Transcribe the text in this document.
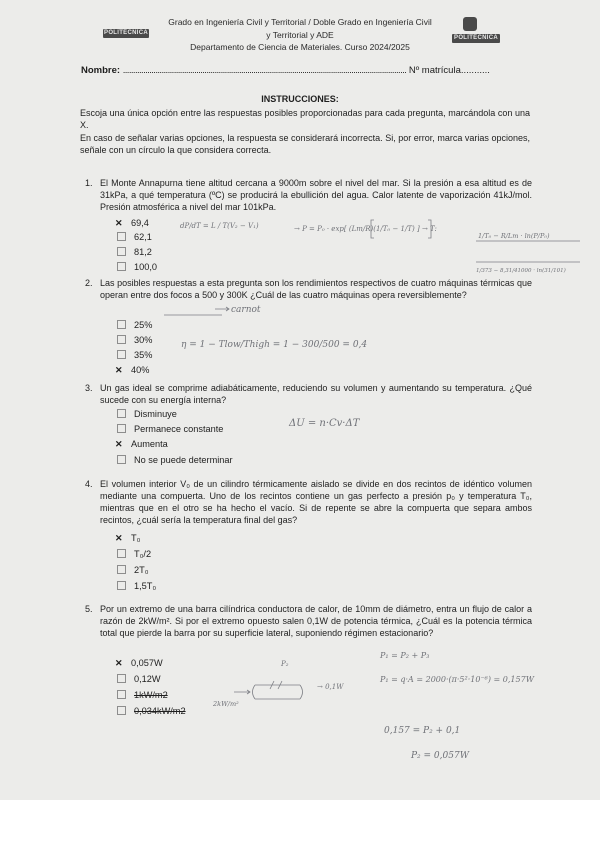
POLITÉCNICA
POLITÉCNICA
Grado en Ingeniería Civil y Territorial / Doble Grado en Ingeniería Civil
y Territorial y ADE
Departamento de Ciencia de Materiales. Curso 2024/2025
Nombre: ........................................................................................................................................... Nº matrícula...........
INSTRUCCIONES:
Escoja una única opción entre las respuestas posibles proporcionadas para cada pregunta, marcándola con una X.
En caso de señalar varias opciones, la respuesta se considerará incorrecta. Si, por error, marca varias opciones, señale con un círculo la que considera correcta.
1. El Monte Annapurna tiene altitud cercana a 9000m sobre el nivel del mar. Si la presión a esa altitud es de 31kPa, a qué temperatura (ºC) se producirá la ebullición del agua. Calor latente de vaporización 41kJ/mol. Presión atmosférica a nivel del mar 101kPa.
✕ 69,4
62,1
81,2
100,0
2. Las posibles respuestas a esta pregunta son los rendimientos respectivos de cuatro máquinas térmicas que operan entre dos focos a 500 y 300K ¿Cuál de las cuatro máquinas opera reversiblemente?
25%
30%
35%
✕ 40%
3. Un gas ideal se comprime adiabáticamente, reduciendo su volumen y aumentando su temperatura. ¿Qué sucede con su energía interna?
Disminuye
Permanece constante
✕ Aumenta
No se puede determinar
4. El volumen interior V₀ de un cilindro térmicamente aislado se divide en dos recintos de idéntico volumen mediante una compuerta. Uno de los recintos contiene un gas perfecto a presión p₀ y temperatura T₀, mientras que en el otro se ha hecho el vacío. Si de repente se abre la compuerta que separa ambos recintos, ¿cuál sería la temperatura final del gas?
✕ T₀
T₀/2
2T₀
1,5T₀
5. Por un extremo de una barra cilíndrica conductora de calor, de 10mm de diámetro, entra un flujo de calor a razón de 2kW/m². Si por el extremo opuesto salen 0,1W de potencia térmica, ¿Cuál es la potencia térmica total que pierde la barra por su superficie lateral, suponiendo régimen estacionario?
✕ 0,057W
0,12W
1kW/m2
0,034kW/m2
dP/dT = L / T(V₂ − V₁)	→ P = P₀ · exp[ (Lm/R)(1/T₀ − 1/T) ] → T:
1/T₀ − R/Lm · ln(P/P₀)
1/373 − 8,31/41000 · ln(31/101)
carnot
η = 1 − Tlow/Thigh = 1 − 300/500 = 0,4
ΔU = n·Cv·ΔT
P₁ = P₂ + P₃
P₁ = q·A = 2000·(π·5²·10⁻⁶) = 0,157W
P₂
→ 0,1W
2kW/m²
0,157 = P₂ + 0,1
P₂ = 0,057W
